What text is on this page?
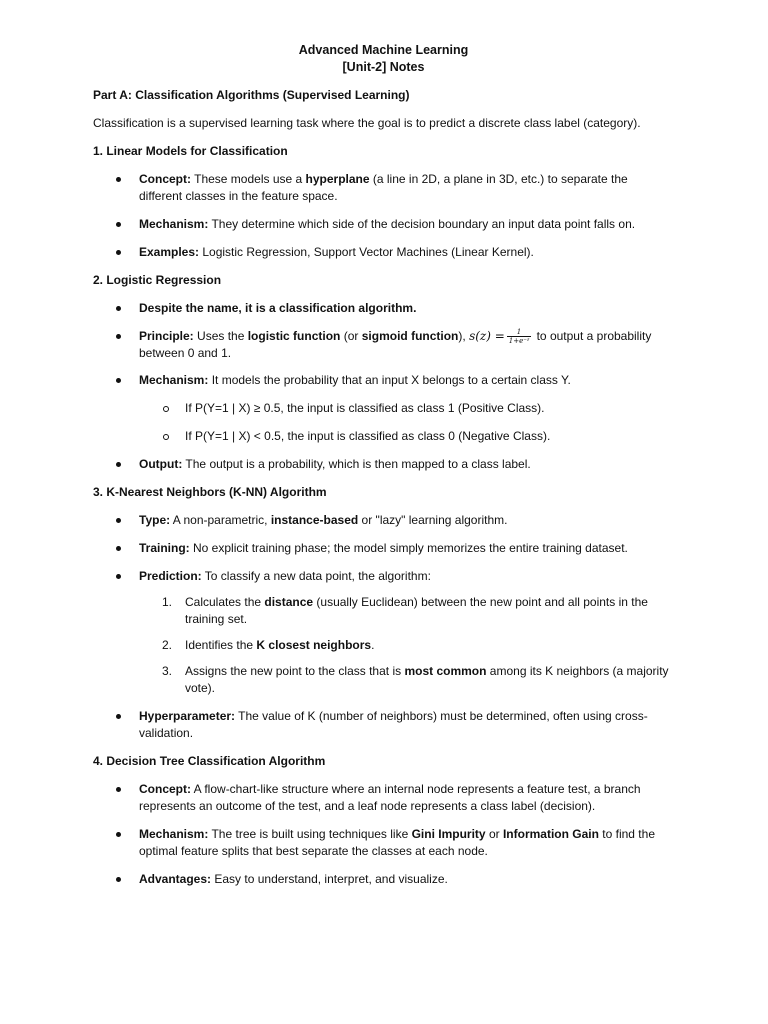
Advanced Machine Learning
[Unit-2] Notes

Part A: Classification Algorithms (Supervised Learning)

Classification is a supervised learning task where the goal is to predict a discrete class label (category).

1. Linear Models for Classification

Concept: These models use a hyperplane (a line in 2D, a plane in 3D, etc.) to separate the different classes in the feature space.
Mechanism: They determine which side of the decision boundary an input data point falls on.
Examples: Logistic Regression, Support Vector Machines (Linear Kernel).

2. Logistic Regression

Despite the name, it is a classification algorithm.
Principle: Uses the logistic function (or sigmoid function), $s(z) = \frac{1}{\text{1+e⁻ᶻ}}$ to output a probability between 0 and 1.
Mechanism: It models the probability that an input X belongs to a certain class Y.
If P(Y=1 | X) ≥ 0.5, the input is classified as class 1 (Positive Class).
If P(Y=1 | X) < 0.5, the input is classified as class 0 (Negative Class).
Output: The output is a probability, which is then mapped to a class label.

3. K-Nearest Neighbors (K-NN) Algorithm

Type: A non-parametric, instance-based or "lazy" learning algorithm.
Training: No explicit training phase; the model simply memorizes the entire training dataset.
Prediction: To classify a new data point, the algorithm:
1. Calculates the distance (usually Euclidean) between the new point and all points in the training set.
2. Identifies the K closest neighbors.
3. Assigns the new point to the class that is most common among its K neighbors (a majority vote).
Hyperparameter: The value of K (number of neighbors) must be determined, often using cross-validation.

4. Decision Tree Classification Algorithm

Concept: A flow-chart-like structure where an internal node represents a feature test, a branch represents an outcome of the test, and a leaf node represents a class label (decision).
Mechanism: The tree is built using techniques like Gini Impurity or Information Gain to find the optimal feature splits that best separate the classes at each node.
Advantages: Easy to understand, interpret, and visualize.
